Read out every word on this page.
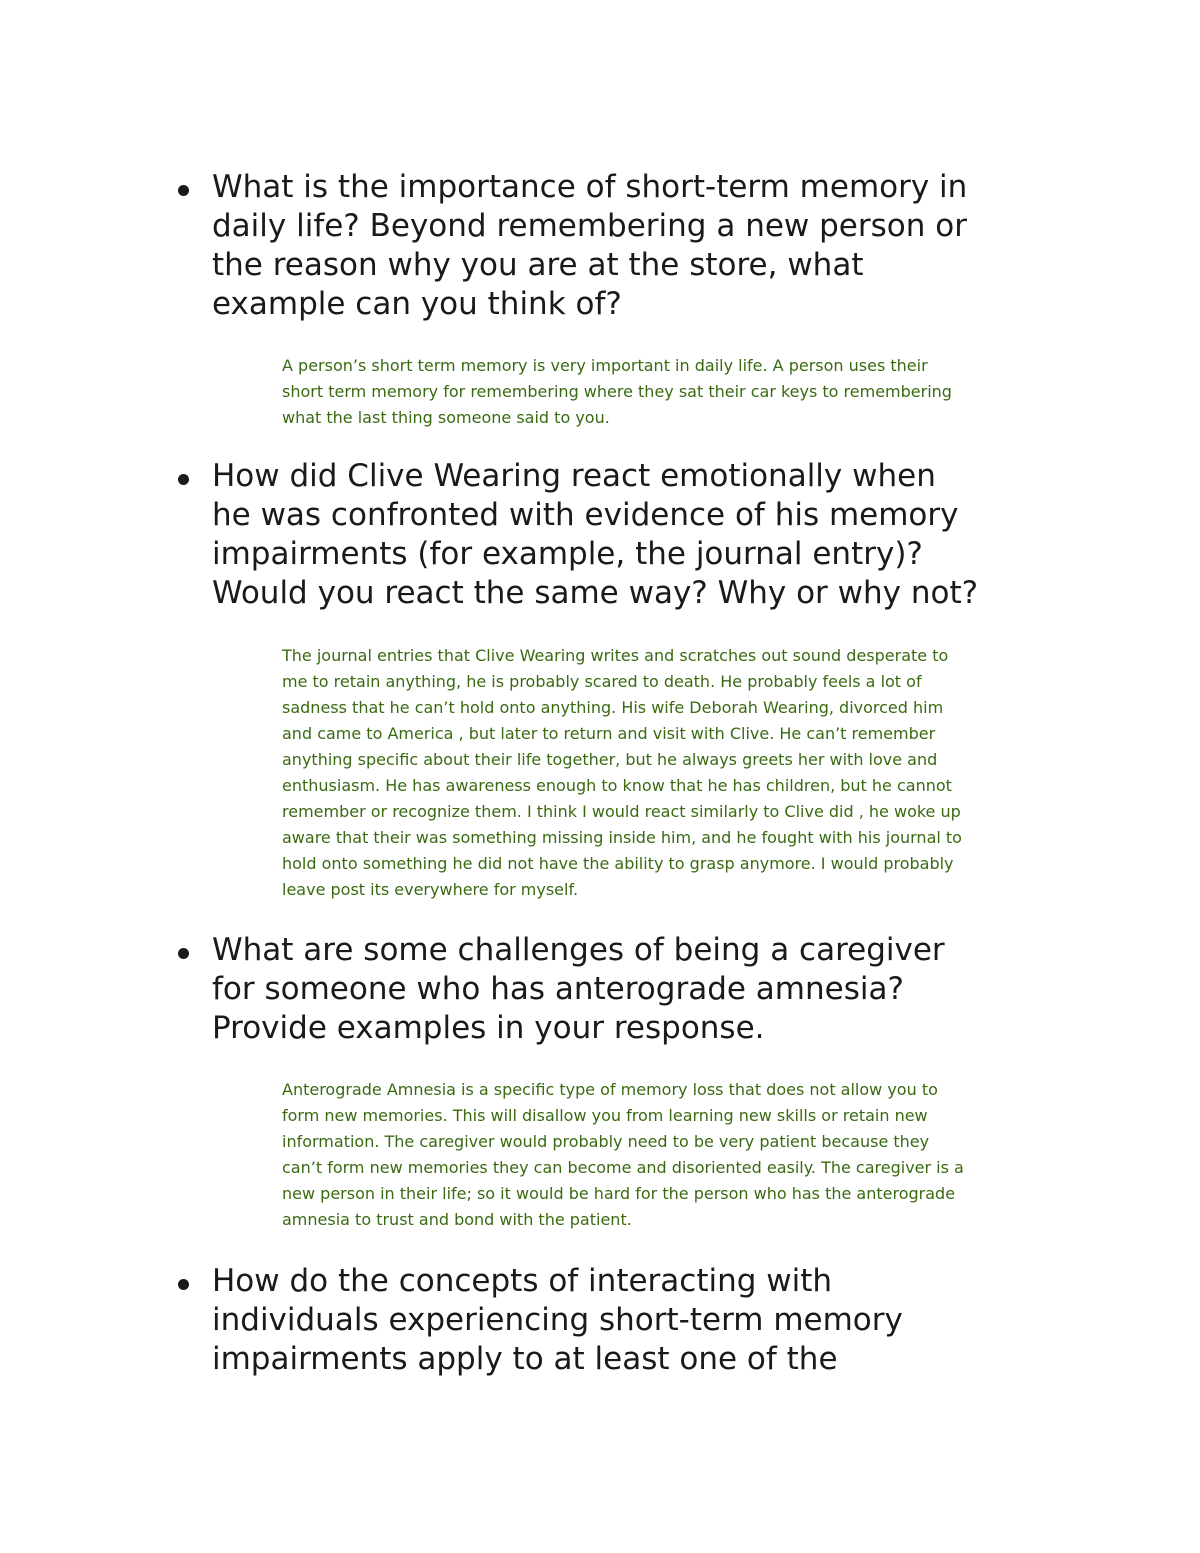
What is the importance of short-term memory in
daily life? Beyond remembering a new person or
the reason why you are at the store, what
example can you think of?

A person’s short term memory is very important in daily life. A person uses their
short term memory for remembering where they sat their car keys to remembering
what the last thing someone said to you.

How did Clive Wearing react emotionally when
he was confronted with evidence of his memory
impairments (for example, the journal entry)?
Would you react the same way? Why or why not?

The journal entries that Clive Wearing writes and scratches out sound desperate to
me to retain anything, he is probably scared to death. He probably feels a lot of
sadness that he can’t hold onto anything. His wife Deborah Wearing, divorced him
and came to America , but later to return and visit with Clive. He can’t remember
anything specific about their life together, but he always greets her with love and
enthusiasm. He has awareness enough to know that he has children, but he cannot
remember or recognize them. I think I would react similarly to Clive did , he woke up
aware that their was something missing inside him, and he fought with his journal to
hold onto something he did not have the ability to grasp anymore. I would probably
leave post its everywhere for myself.

What are some challenges of being a caregiver
for someone who has anterograde amnesia?
Provide examples in your response.

Anterograde Amnesia is a specific type of memory loss that does not allow you to
form new memories. This will disallow you from learning new skills or retain new
information. The caregiver would probably need to be very patient because they
can’t form new memories they can become and disoriented easily. The caregiver is a
new person in their life; so it would be hard for the person who has the anterograde
amnesia to trust and bond with the patient.

How do the concepts of interacting with
individuals experiencing short-term memory
impairments apply to at least one of the
